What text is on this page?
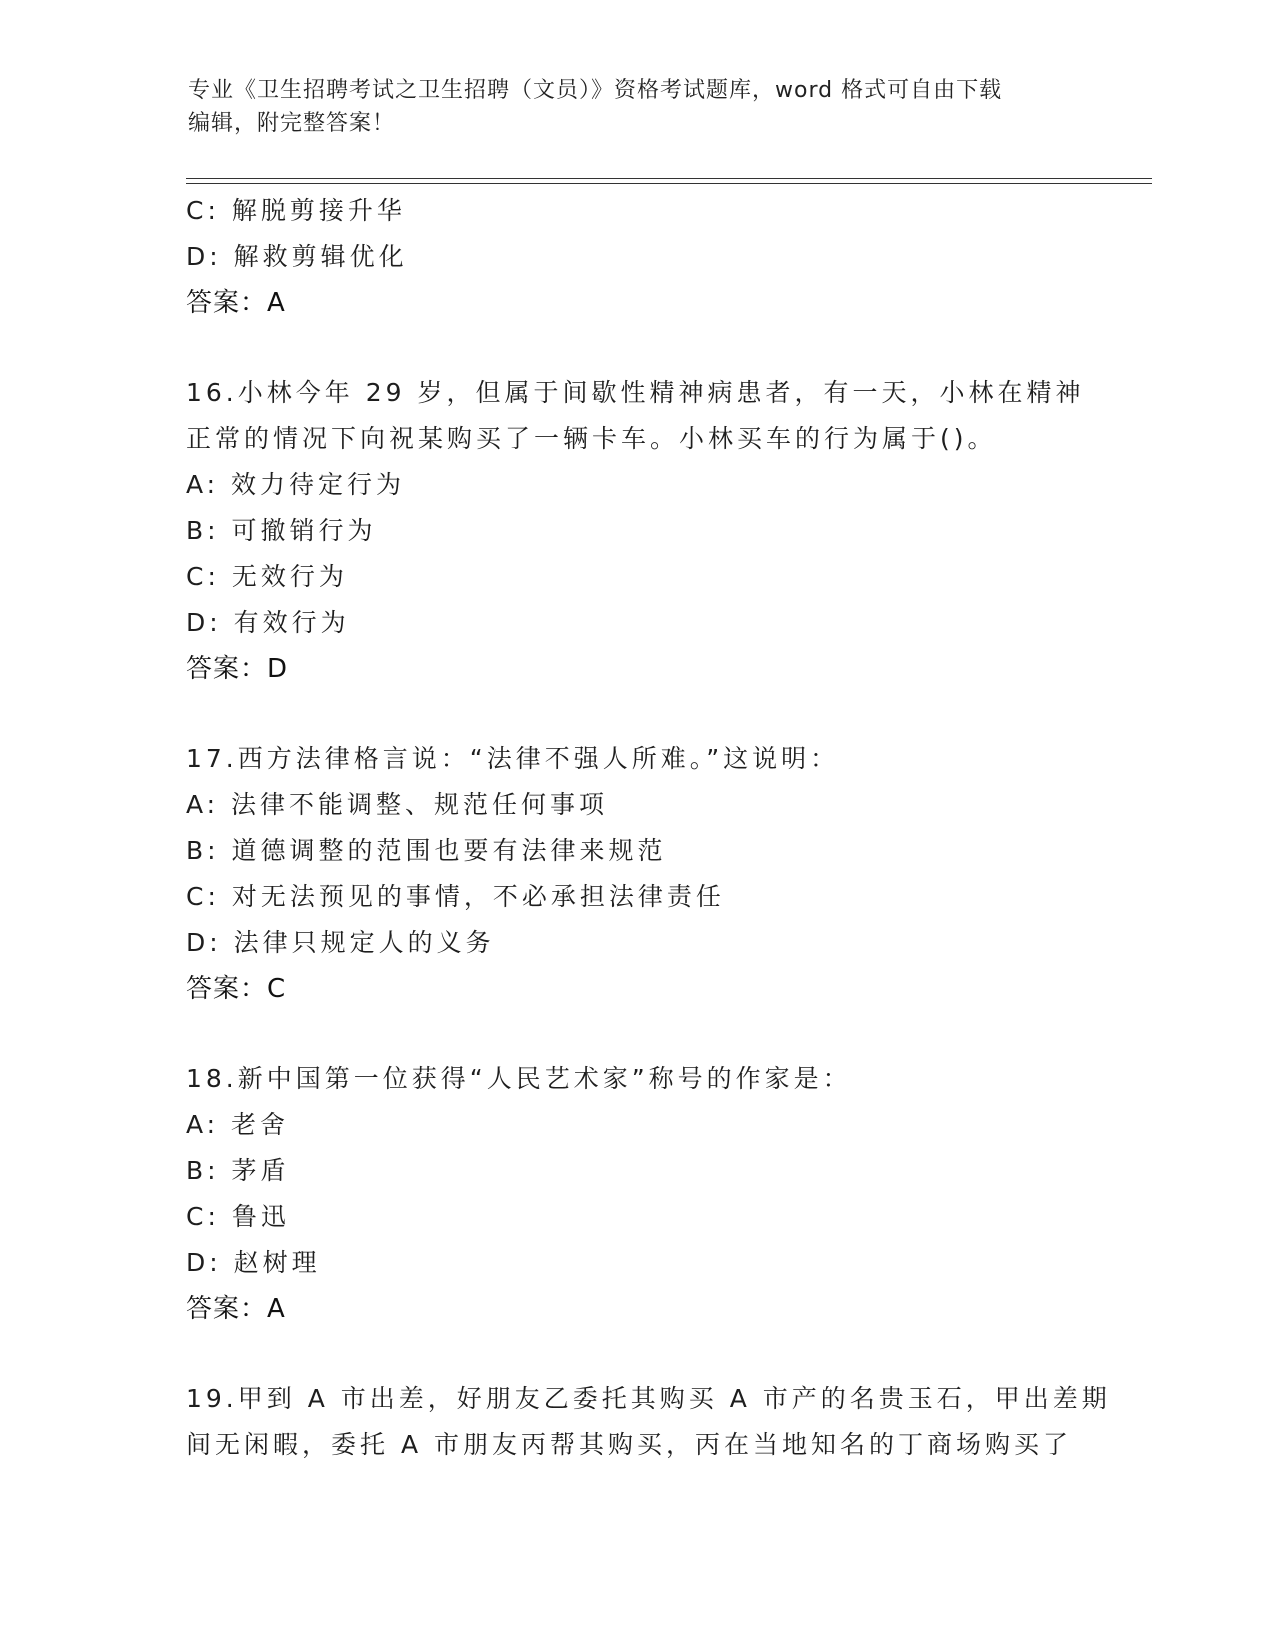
专业《卫生招聘考试之卫生招聘（文员）》资格考试题库，word 格式可自由下载
编辑，附完整答案！
C: 解脱剪接升华
D: 解救剪辑优化
答案：A
16.小林今年 29 岁，但属于间歇性精神病患者，有一天，小林在精神
正常的情况下向祝某购买了一辆卡车。小林买车的行为属于()。
A: 效力待定行为
B: 可撤销行为
C: 无效行为
D: 有效行为
答案：D
17.西方法律格言说：“法律不强人所难。”这说明：
A: 法律不能调整、规范任何事项
B: 道德调整的范围也要有法律来规范
C: 对无法预见的事情，不必承担法律责任
D: 法律只规定人的义务
答案：C
18.新中国第一位获得“人民艺术家”称号的作家是：
A: 老舍
B: 茅盾
C: 鲁迅
D: 赵树理
答案：A
19.甲到 A 市出差，好朋友乙委托其购买 A 市产的名贵玉石，甲出差期
间无闲暇，委托 A 市朋友丙帮其购买，丙在当地知名的丁商场购买了
